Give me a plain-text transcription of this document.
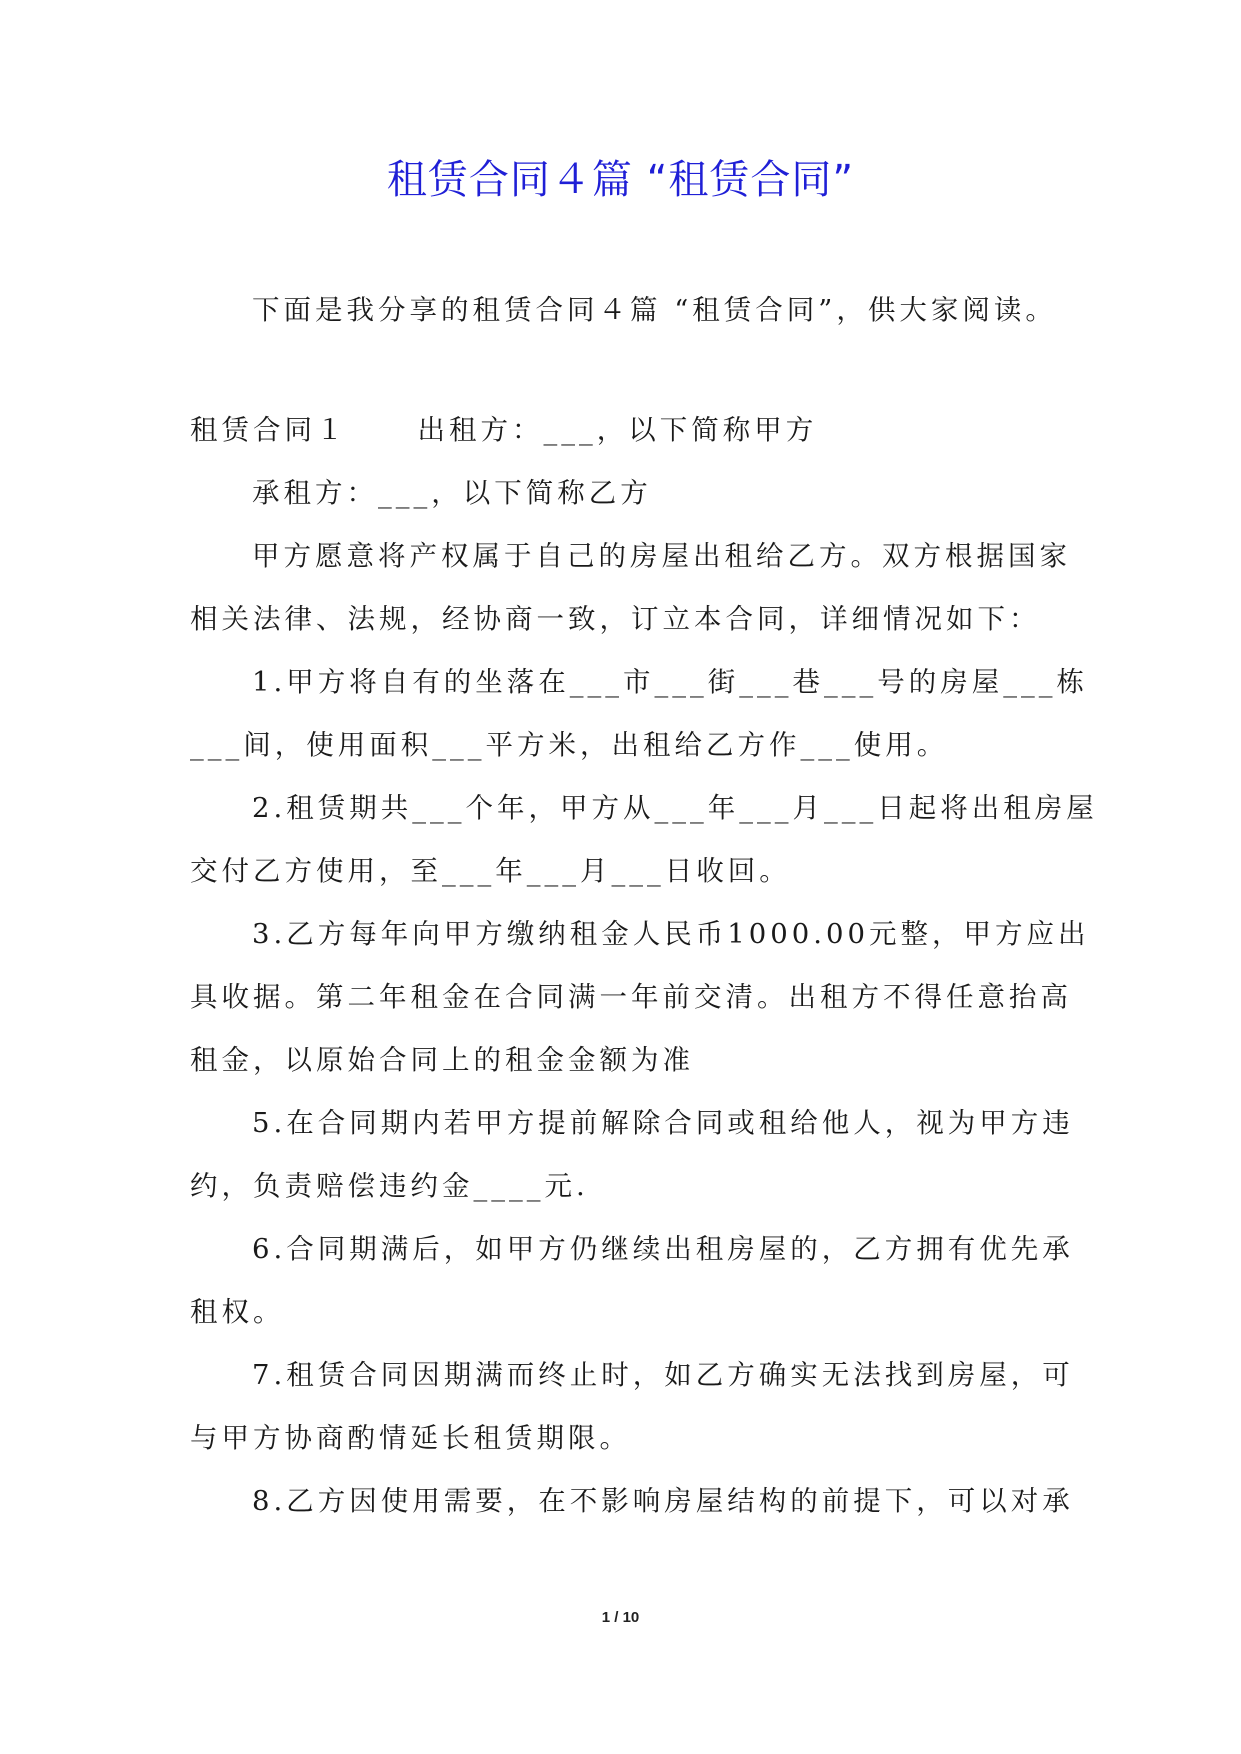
租赁合同４篇 “租赁合同”
下面是我分享的租赁合同４篇 “租赁合同”，供大家阅读。
租赁合同１	出租方：___，以下简称甲方
承租方：___，以下简称乙方
甲方愿意将产权属于自己的房屋出租给乙方。双方根据国家
相关法律、法规，经协商一致，订立本合同，详细情况如下：
1.甲方将自有的坐落在___市___街___巷___号的房屋___栋
___间，使用面积___平方米，出租给乙方作___使用。
2.租赁期共___个年，甲方从___年___月___日起将出租房屋
交付乙方使用，至___年___月___日收回。
3.乙方每年向甲方缴纳租金人民币1000.00元整，甲方应出
具收据。第二年租金在合同满一年前交清。出租方不得任意抬高
租金，以原始合同上的租金金额为准
5.在合同期内若甲方提前解除合同或租给他人，视为甲方违
约，负责赔偿违约金____元.
6.合同期满后，如甲方仍继续出租房屋的，乙方拥有优先承
租权。
7.租赁合同因期满而终止时，如乙方确实无法找到房屋，可
与甲方协商酌情延长租赁期限。
8.乙方因使用需要，在不影响房屋结构的前提下，可以对承
1 / 10
